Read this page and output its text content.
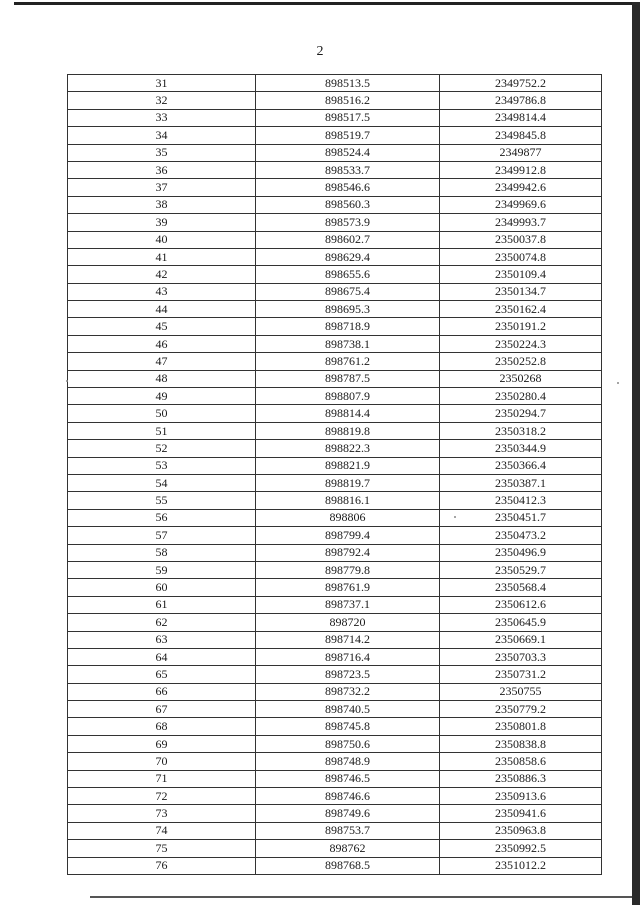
2
31	898513.5	2349752.2
32	898516.2	2349786.8
33	898517.5	2349814.4
34	898519.7	2349845.8
35	898524.4	2349877
36	898533.7	2349912.8
37	898546.6	2349942.6
38	898560.3	2349969.6
39	898573.9	2349993.7
40	898602.7	2350037.8
41	898629.4	2350074.8
42	898655.6	2350109.4
43	898675.4	2350134.7
44	898695.3	2350162.4
45	898718.9	2350191.2
46	898738.1	2350224.3
47	898761.2	2350252.8
48	898787.5	2350268
49	898807.9	2350280.4
50	898814.4	2350294.7
51	898819.8	2350318.2
52	898822.3	2350344.9
53	898821.9	2350366.4
54	898819.7	2350387.1
55	898816.1	2350412.3
56	898806	2350451.7
57	898799.4	2350473.2
58	898792.4	2350496.9
59	898779.8	2350529.7
60	898761.9	2350568.4
61	898737.1	2350612.6
62	898720	2350645.9
63	898714.2	2350669.1
64	898716.4	2350703.3
65	898723.5	2350731.2
66	898732.2	2350755
67	898740.5	2350779.2
68	898745.8	2350801.8
69	898750.6	2350838.8
70	898748.9	2350858.6
71	898746.5	2350886.3
72	898746.6	2350913.6
73	898749.6	2350941.6
74	898753.7	2350963.8
75	898762	2350992.5
76	898768.5	2351012.2
